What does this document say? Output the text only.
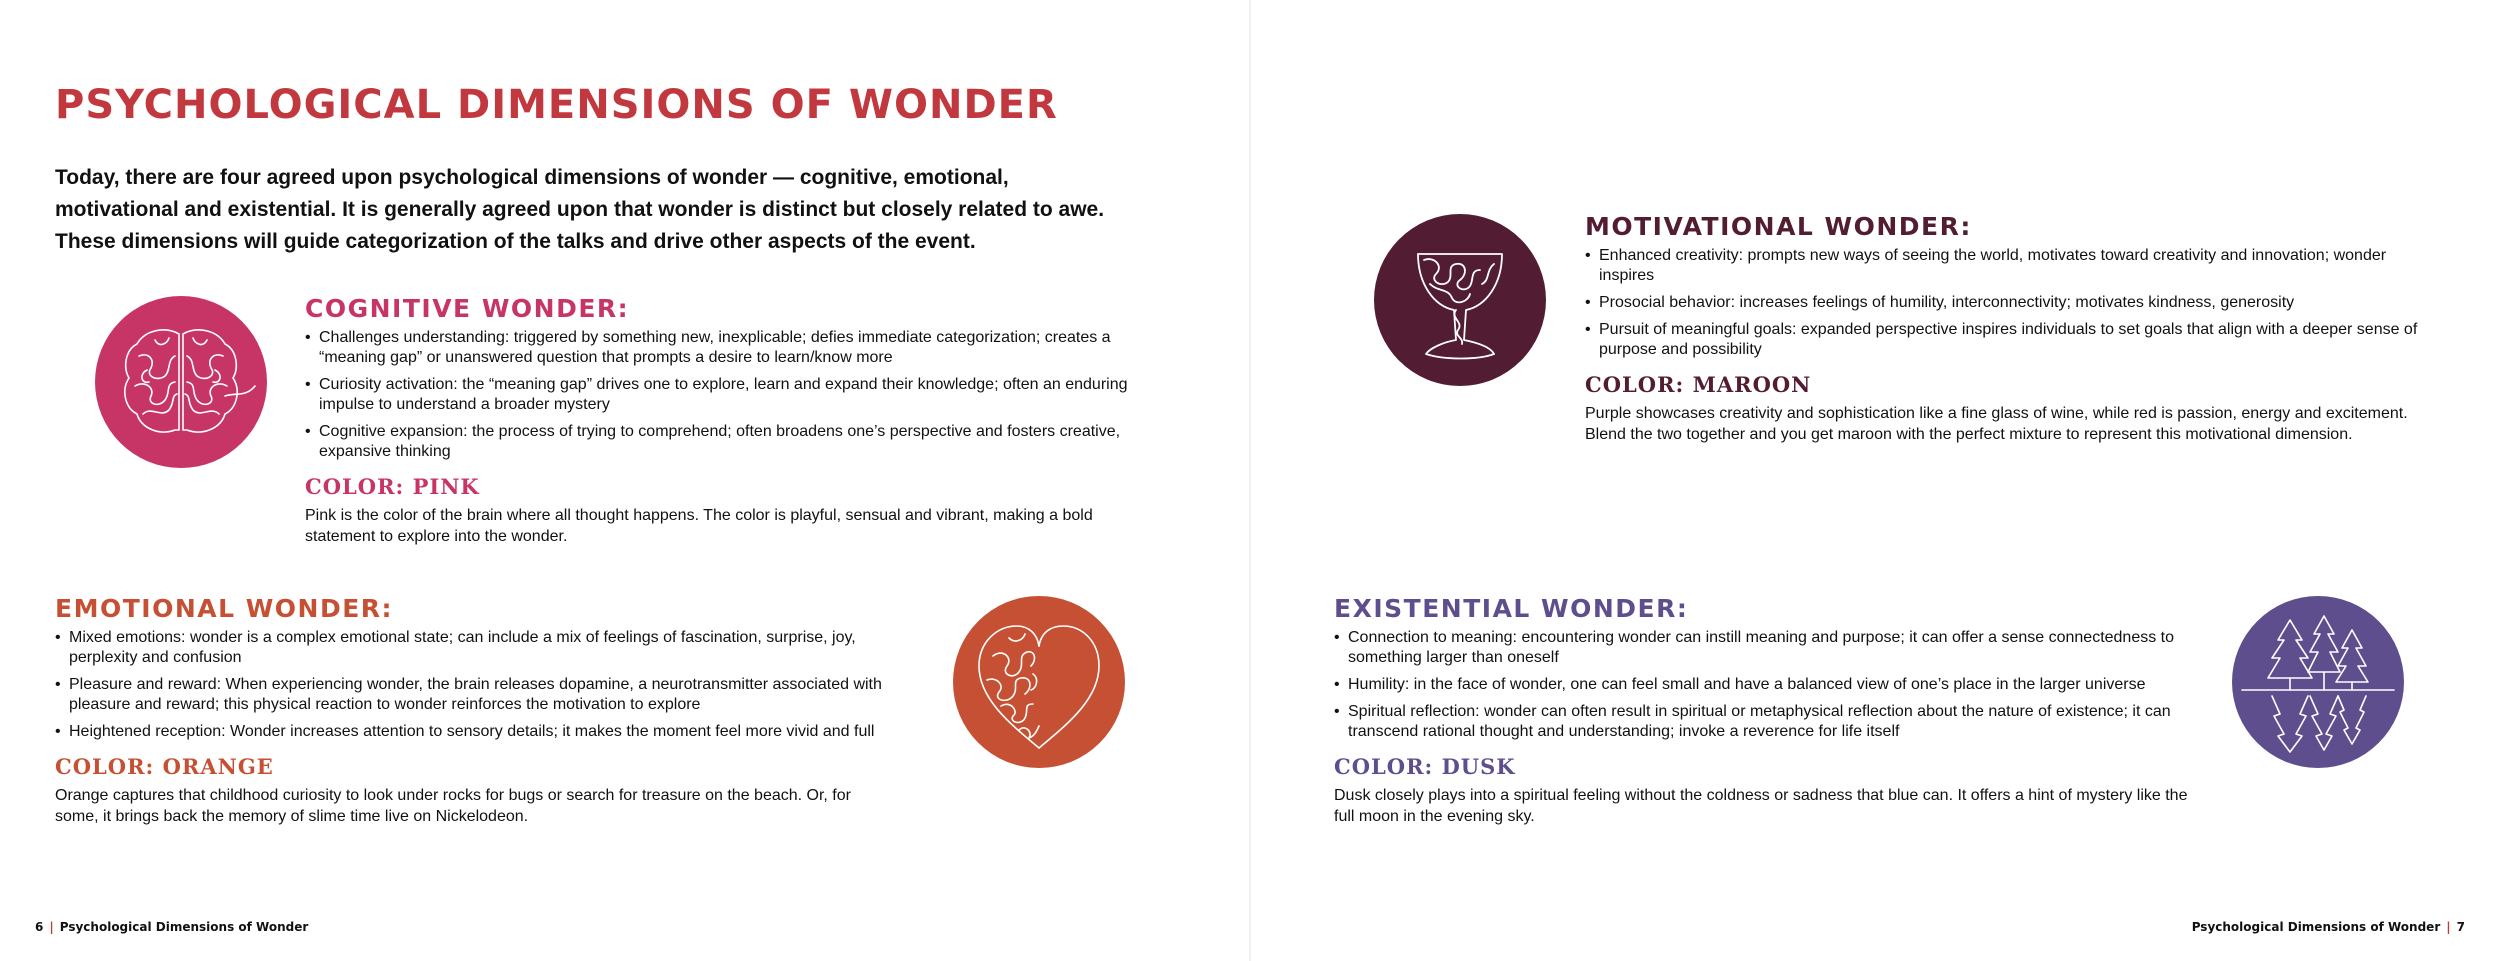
PSYCHOLOGICAL DIMENSIONS OF WONDER

Today, there are four agreed upon psychological dimensions of wonder — cognitive, emotional, motivational and existential. It is generally agreed upon that wonder is distinct but closely related to awe. These dimensions will guide categorization of the talks and drive other aspects of the event.

COGNITIVE WONDER:
• Challenges understanding: triggered by something new, inexplicable; defies immediate categorization; creates a “meaning gap” or unanswered question that prompts a desire to learn/know more
• Curiosity activation: the “meaning gap” drives one to explore, learn and expand their knowledge; often an enduring impulse to understand a broader mystery
• Cognitive expansion: the process of trying to comprehend; often broadens one’s perspective and fosters creative, expansive thinking
COLOR: PINK

Pink is the color of the brain where all thought happens. The color is playful, sensual and vibrant, making a bold statement to explore into the wonder.

EMOTIONAL WONDER:
• Mixed emotions: wonder is a complex emotional state; can include a mix of feelings of fascination, surprise, joy, perplexity and confusion
• Pleasure and reward: When experiencing wonder, the brain releases dopamine, a neurotransmitter associated with pleasure and reward; this physical reaction to wonder reinforces the motivation to explore
• Heightened reception: Wonder increases attention to sensory details; it makes the moment feel more vivid and full
COLOR: ORANGE

Orange captures that childhood curiosity to look under rocks for bugs or search for treasure on the beach. Or, for some, it brings back the memory of slime time live on Nickelodeon.

6 | Psychological Dimensions of Wonder
MOTIVATIONAL WONDER:
• Enhanced creativity: prompts new ways of seeing the world, motivates toward creativity and innovation; wonder inspires
• Prosocial behavior: increases feelings of humility, interconnectivity; motivates kindness, generosity
• Pursuit of meaningful goals: expanded perspective inspires individuals to set goals that align with a deeper sense of purpose and possibility
COLOR: MAROON

Purple showcases creativity and sophistication like a fine glass of wine, while red is passion, energy and excitement. Blend the two together and you get maroon with the perfect mixture to represent this motivational dimension.

EXISTENTIAL WONDER:
• Connection to meaning: encountering wonder can instill meaning and purpose; it can offer a sense connectedness to something larger than oneself
• Humility: in the face of wonder, one can feel small and have a balanced view of one’s place in the larger universe
• Spiritual reflection: wonder can often result in spiritual or metaphysical reflection about the nature of existence; it can transcend rational thought and understanding; invoke a reverence for life itself
COLOR: DUSK

Dusk closely plays into a spiritual feeling without the coldness or sadness that blue can. It offers a hint of mystery like the full moon in the evening sky.

Psychological Dimensions of Wonder | 7
